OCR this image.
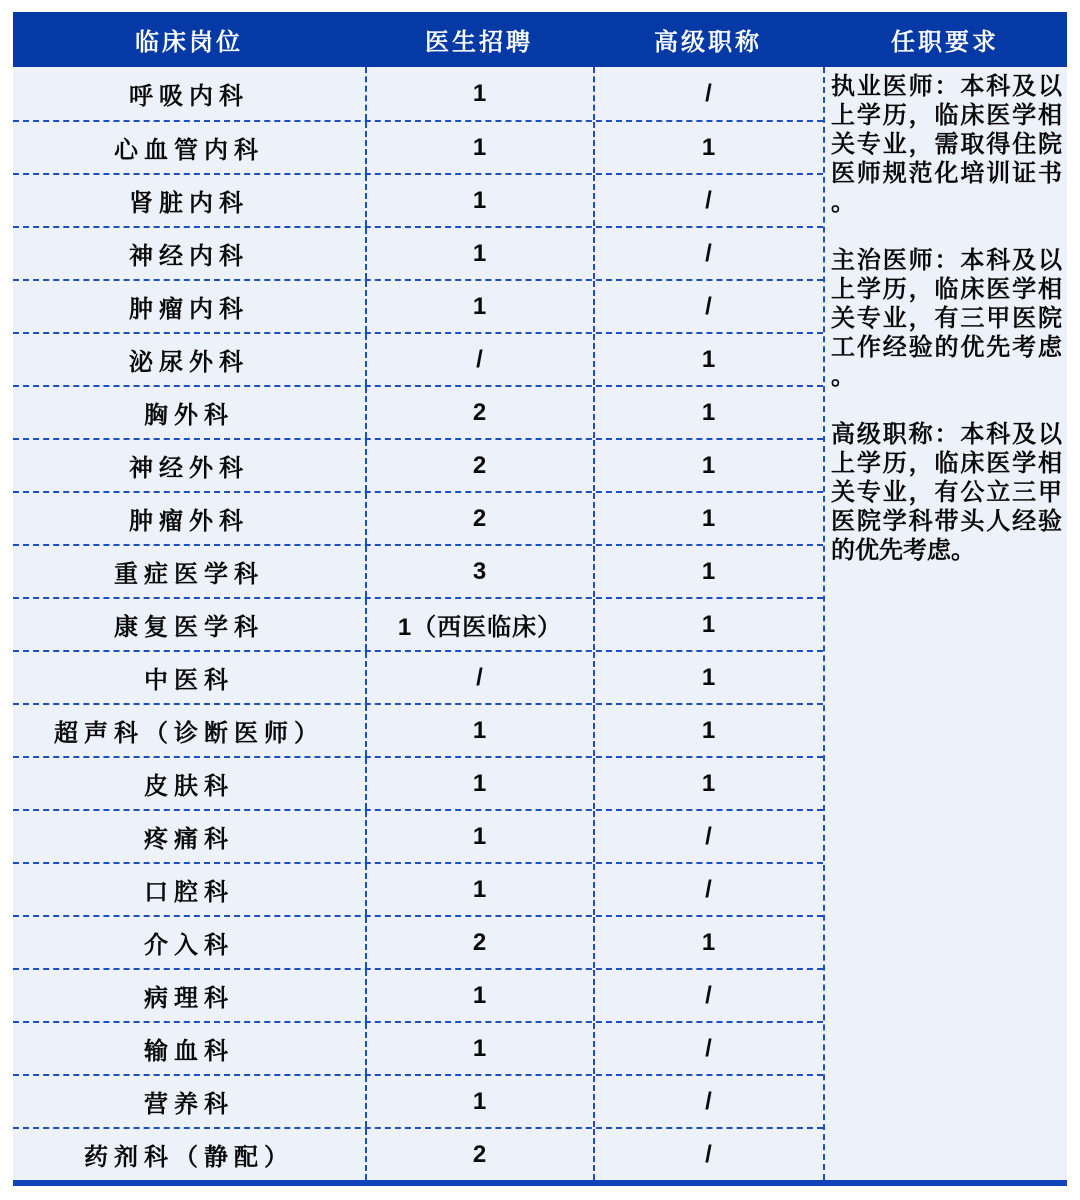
临床岗位	医生招聘	高级职称	任职要求
呼吸内科	1	/
心血管内科	1	1
肾脏内科	1	/
神经内科	1	/
肿瘤内科	1	/
泌尿外科	/	1
胸外科	2	1
神经外科	2	1
肿瘤外科	2	1
重症医学科	3	1
康复医学科	1（西医临床）	1
中医科	/	1
超声科（诊断医师）	1	1
皮肤科	1	1
疼痛科	1	/
口腔科	1	/
介入科	2	1
病理科	1	/
输血科	1	/
营养科	1	/
药剂科（静配）	2	/

执业医师：本科及以上学历，临床医学相关专业，需取得住院医师规范化培训证书。

主治医师：本科及以上学历，临床医学相关专业，有三甲医院工作经验的优先考虑。

高级职称：本科及以上学历，临床医学相关专业，有公立三甲医院学科带头人经验的优先考虑。
